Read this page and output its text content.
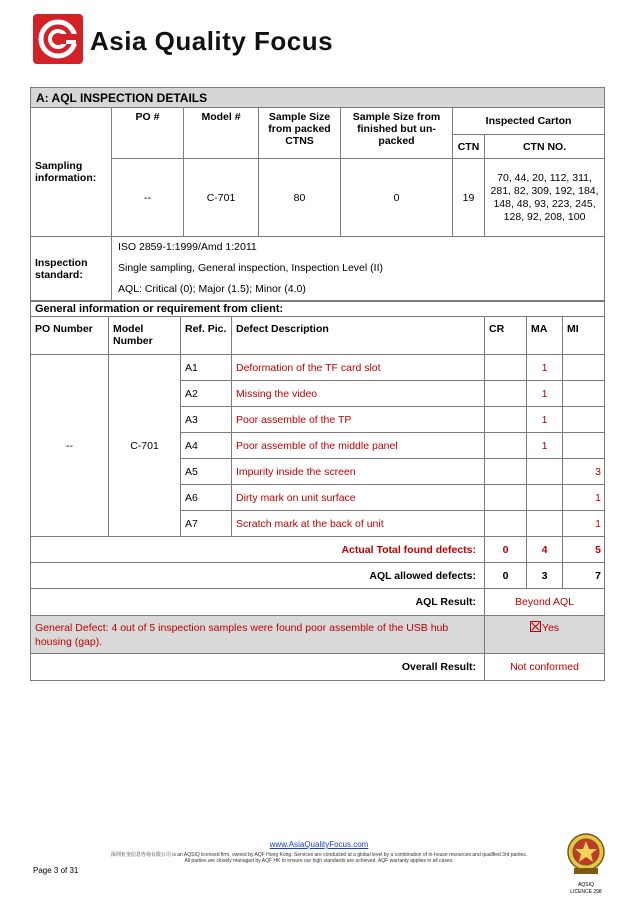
Asia Quality Focus
A: AQL INSPECTION DETAILS						
Sampling information:	PO #	Model #	Sample Size from packed CTNS	Sample Size from finished but un-packed	Inspected Carton	
					CTN	CTN NO.
	--	C-701	80	0	19	70, 44, 20, 112, 311, 281, 82, 309, 192, 184, 148, 48, 93, 223, 245, 128, 92, 208, 100
Inspection standard:	ISO 2859-1:1999/Amd 1:2011
Single sampling, General inspection, Inspection Level (II)
AQL: Critical (0); Major (1.5); Minor (4.0)					
General information or requirement from client:						
PO Number	Model Number	Ref. Pic.	Defect Description	CR	MA	MI
--	C-701	A1	Deformation of the TF card slot		1	
		A2	Missing the video		1	
		A3	Poor assemble of the TP		1	
		A4	Poor assemble of the middle panel		1	
		A5	Impurity inside the screen			3
		A6	Dirty mark on unit surface			1
		A7	Scratch mark at the back of unit			1
Actual Total found defects:				0	4	5
AQL allowed defects:				0	3	7
AQL Result:				Beyond AQL		
General Defect: 4 out of 5 inspection samples were found poor assemble of the USB hub housing (gap).				Yes		
Overall Result:				Not conformed		
www.AsiaQualityFocus.com
深圳亚奎信息咨询有限公司 is an AQSIQ licensed firm, owned by AQF Hong Kong. Services are conducted at a global level by a combination of in-house resources and qualified 3rd parties.
All parties are closely managed by AQF HK to ensure our high standards are achieved. AQF warranty applies in all cases.
Page 3 of 31
AQSIQ
LICENCE 298
